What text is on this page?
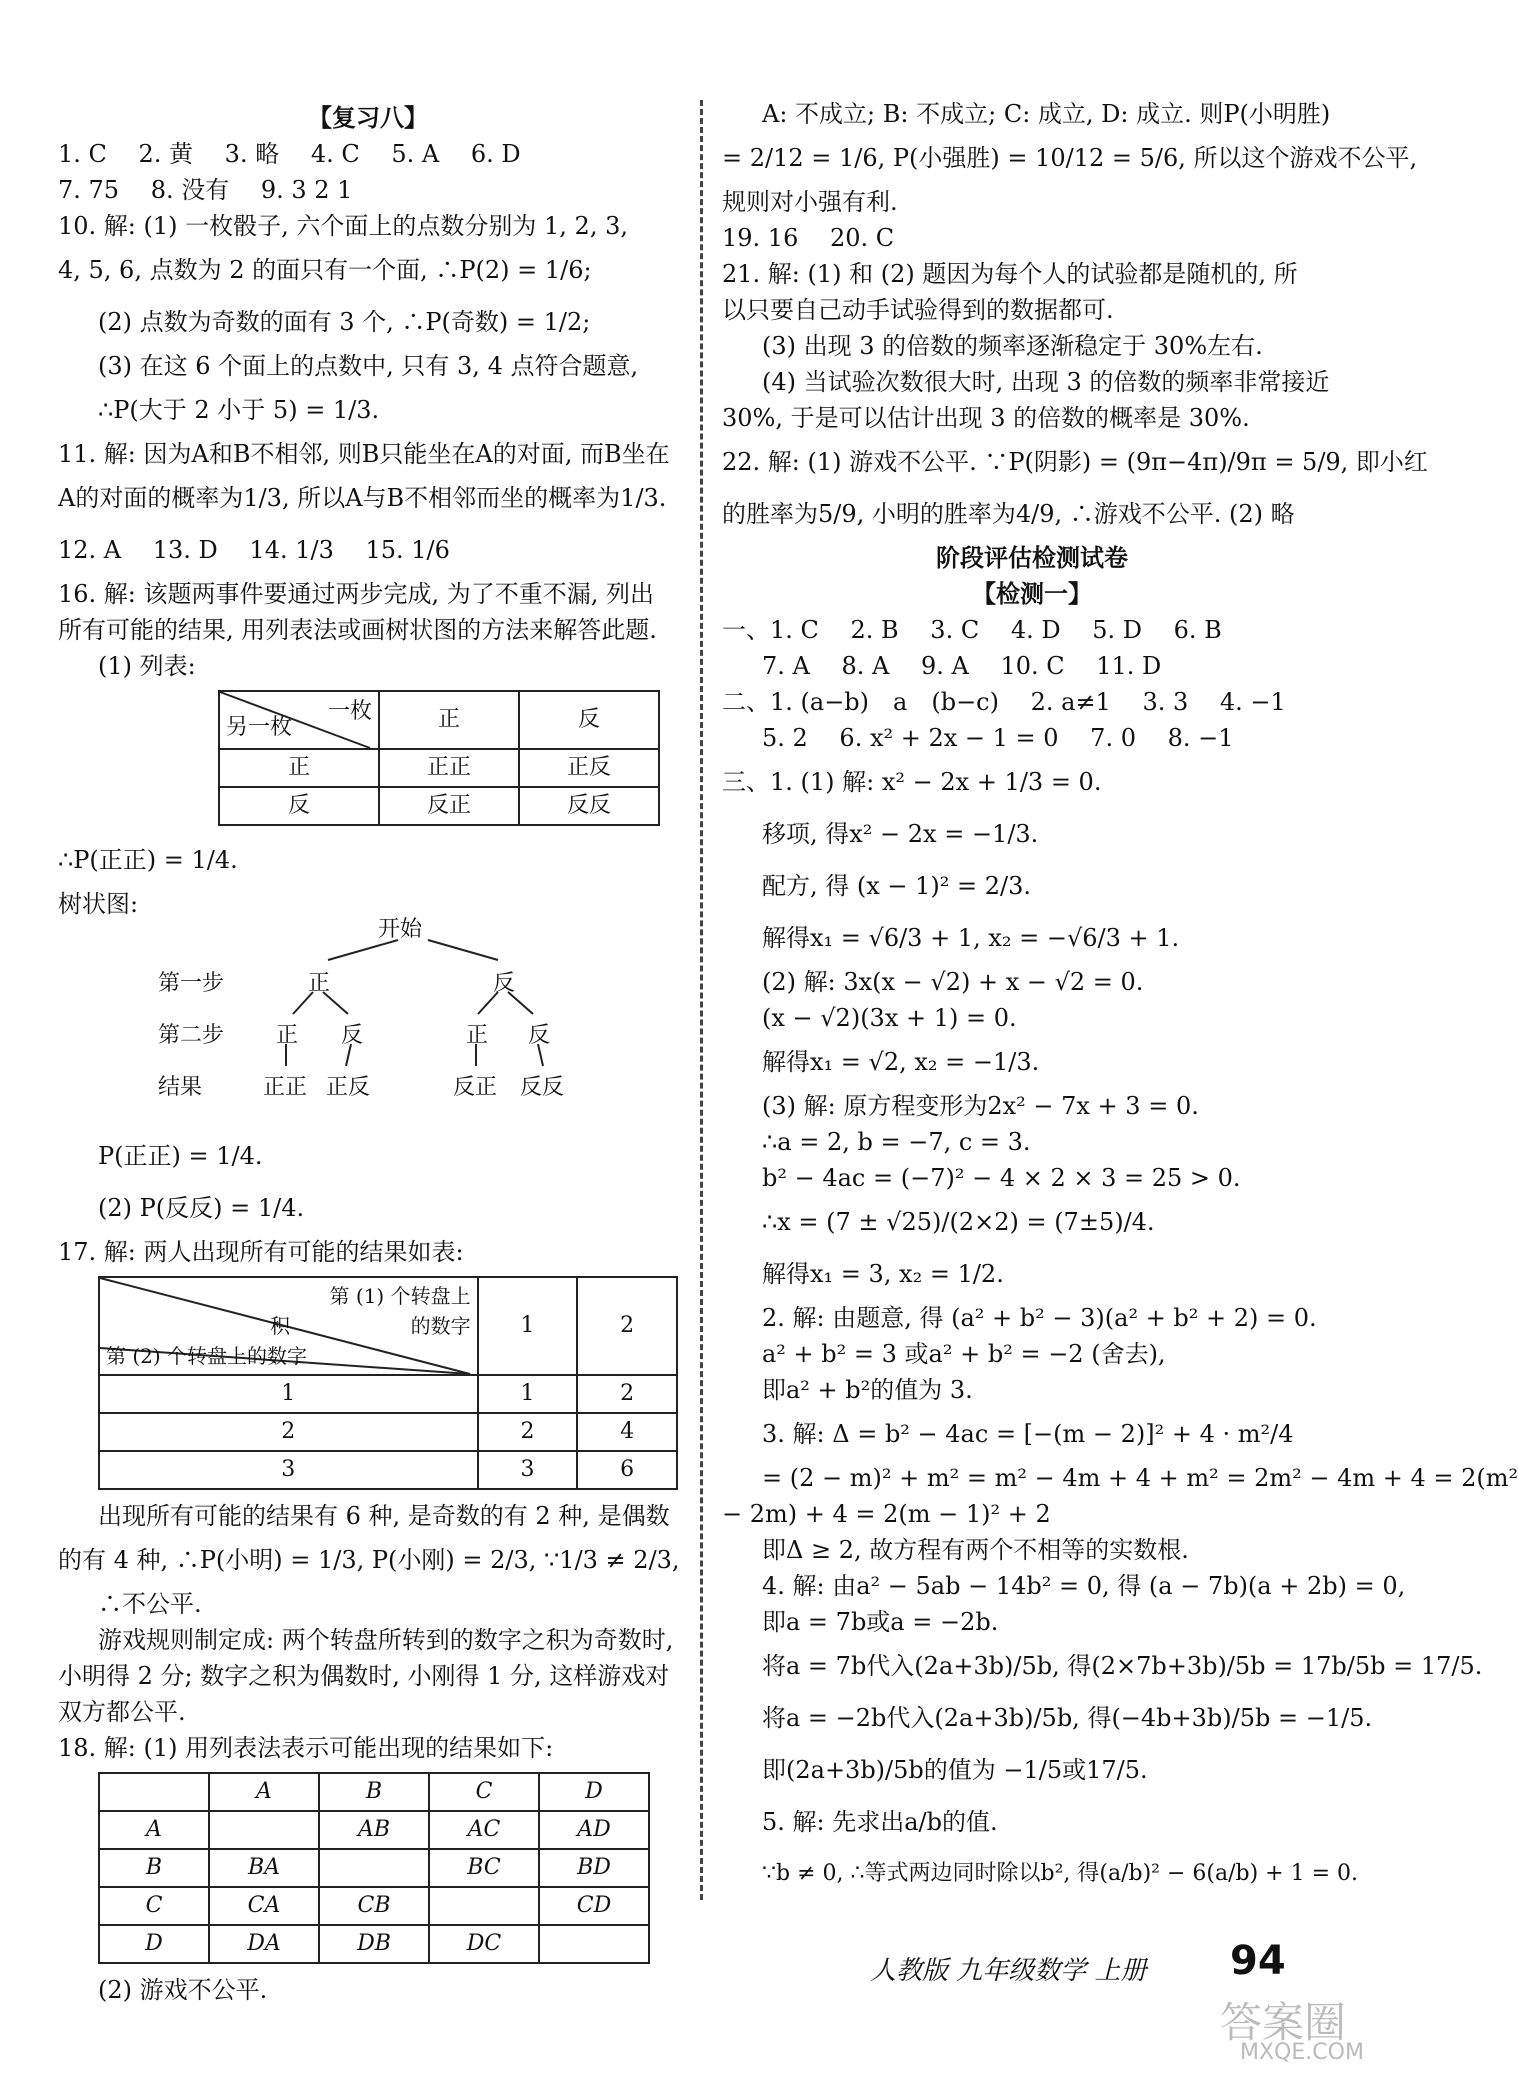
【复习八】
1. C　 2. 黄　 3. 略　 4. C　 5. A　 6. D
7. 75　 8. 没有　 9. 3 2 1
10. 解: (1) 一枚骰子, 六个面上的点数分别为 1, 2, 3,
4, 5, 6, 点数为 2 的面只有一个面, ∴P(2) = 1/6;
(2) 点数为奇数的面有 3 个, ∴P(奇数) = 1/2;
(3) 在这 6 个面上的点数中, 只有 3, 4 点符合题意,
∴P(大于 2 小于 5) = 1/3.
11. 解: 因为A和B不相邻, 则B只能坐在A的对面, 而B坐在
A的对面的概率为1/3, 所以A与B不相邻而坐的概率为1/3.
12. A　 13. D　 14. 1/3　 15. 1/6
16. 解: 该题两事件要通过两步完成, 为了不重不漏, 列出
所有可能的结果, 用列表法或画树状图的方法来解答此题.
(1) 列表:
一枚
另一枚	正	反
正	正正	正反
反	反正	反反
∴P(正正) = 1/4.
树状图:
开始
第一步
第二步
结果
正	反
正 反	正 反
正正 正反	反正 反反
P(正正) = 1/4.
(2) P(反反) = 1/4.
17. 解: 两人出现所有可能的结果如表:
第 (1) 个转盘上
的数字
积
第 (2) 个转盘上的数字	1	2
1	1	2
2	2	4
3	3	6
出现所有可能的结果有 6 种, 是奇数的有 2 种, 是偶数
的有 4 种, ∴P(小明) = 1/3, P(小刚) = 2/3, ∵1/3 ≠ 2/3,
∴不公平.
游戏规则制定成: 两个转盘所转到的数字之积为奇数时,
小明得 2 分; 数字之积为偶数时, 小刚得 1 分, 这样游戏对
双方都公平.
18. 解: (1) 用列表法表示可能出现的结果如下:
	A	B	C	D
A		AB	AC	AD
B	BA		BC	BD
C	CA	CB		CD
D	DA	DB	DC	
(2) 游戏不公平.
A: 不成立; B: 不成立; C: 成立, D: 成立. 则P(小明胜)
= 2/12 = 1/6, P(小强胜) = 10/12 = 5/6, 所以这个游戏不公平,
规则对小强有利.
19. 16　 20. C
21. 解: (1) 和 (2) 题因为每个人的试验都是随机的, 所
以只要自己动手试验得到的数据都可.
(3) 出现 3 的倍数的频率逐渐稳定于 30%左右.
(4) 当试验次数很大时, 出现 3 的倍数的频率非常接近
30%, 于是可以估计出现 3 的倍数的概率是 30%.
22. 解: (1) 游戏不公平. ∵P(阴影) = (9π−4π)/9π = 5/9, 即小红
的胜率为5/9, 小明的胜率为4/9, ∴游戏不公平. (2) 略
阶段评估检测试卷
【检测一】
一、1. C　 2. B　 3. C　 4. D　 5. D　 6. B
7. A　 8. A　 9. A　 10. C　 11. D
二、1. (a−b)　a　(b−c)　 2. a≠1　 3. 3　 4. −1
5. 2　 6. x² + 2x − 1 = 0　 7. 0　 8. −1
三、1. (1) 解: x² − 2x + 1/3 = 0.
移项, 得x² − 2x = −1/3.
配方, 得 (x − 1)² = 2/3.
解得x₁ = √6/3 + 1, x₂ = −√6/3 + 1.
(2) 解: 3x(x − √2) + x − √2 = 0.
(x − √2)(3x + 1) = 0.
解得x₁ = √2, x₂ = −1/3.
(3) 解: 原方程变形为2x² − 7x + 3 = 0.
∴a = 2, b = −7, c = 3.
b² − 4ac = (−7)² − 4 × 2 × 3 = 25 > 0.
∴x = (7 ± √25)/(2×2) = (7±5)/4.
解得x₁ = 3, x₂ = 1/2.
2. 解: 由题意, 得 (a² + b² − 3)(a² + b² + 2) = 0.
a² + b² = 3 或a² + b² = −2 (舍去),
即a² + b²的值为 3.
3. 解: Δ = b² − 4ac = [−(m − 2)]² + 4 · m²/4
= (2 − m)² + m² = m² − 4m + 4 + m² = 2m² − 4m + 4 = 2(m²
− 2m) + 4 = 2(m − 1)² + 2
即Δ ≥ 2, 故方程有两个不相等的实数根.
4. 解: 由a² − 5ab − 14b² = 0, 得 (a − 7b)(a + 2b) = 0,
即a = 7b或a = −2b.
将a = 7b代入(2a+3b)/5b, 得(2×7b+3b)/5b = 17b/5b = 17/5.
将a = −2b代入(2a+3b)/5b, 得(−4b+3b)/5b = −1/5.
即(2a+3b)/5b的值为 −1/5或17/5.
5. 解: 先求出a/b的值.
∵b ≠ 0, ∴等式两边同时除以b², 得(a/b)² − 6(a/b) + 1 = 0.
人教版 九年级数学 上册 94
答案圈
MXQE.COM
